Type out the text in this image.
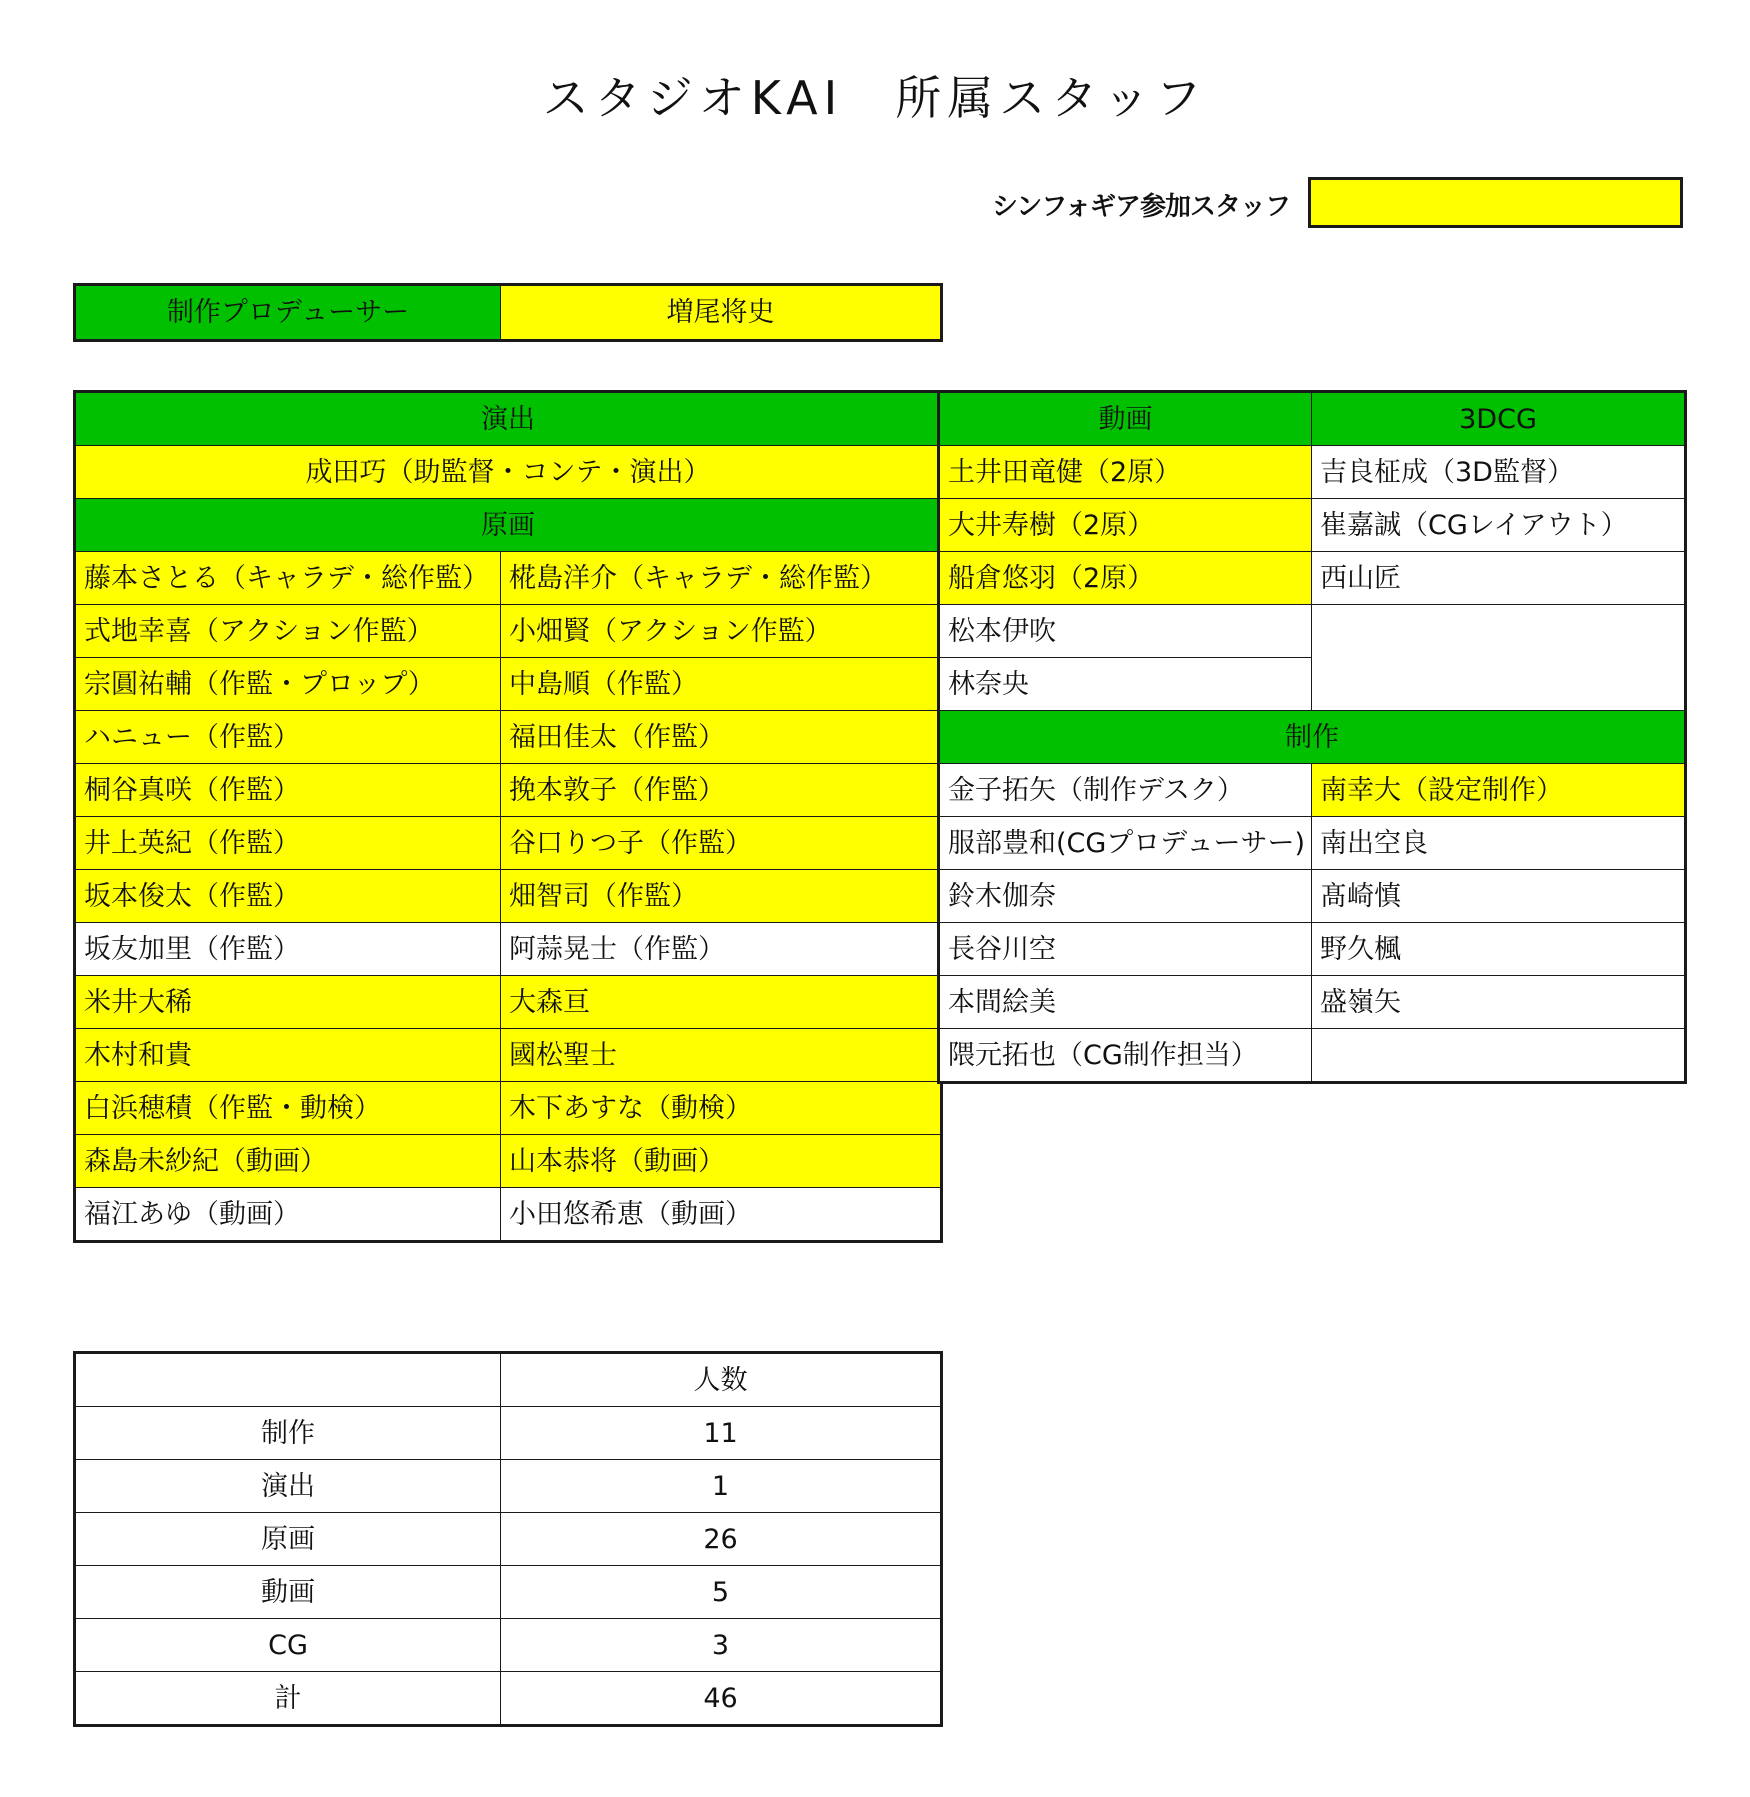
スタジオKAI　所属スタッフ
シンフォギア参加スタッフ
制作プロデューサー	増尾将史
演出	
成田巧（助監督・コンテ・演出）	
原画	
藤本さとる（キャラデ・総作監）	椛島洋介（キャラデ・総作監）
式地幸喜（アクション作監）	小畑賢（アクション作監）
宗圓祐輔（作監・プロップ）	中島順（作監）
ハニュー（作監）	福田佳太（作監）
桐谷真咲（作監）	挽本敦子（作監）
井上英紀（作監）	谷口りつ子（作監）
坂本俊太（作監）	畑智司（作監）
坂友加里（作監）	阿蒜晃士（作監）
米井大稀	大森亘
木村和貴	國松聖士
白浜穂積（作監・動検）	木下あすな（動検）
森島未紗紀（動画）	山本恭将（動画）
福江あゆ（動画）	小田悠希恵（動画）
動画	3DCG
土井田竜健（2原）	吉良柾成（3D監督）
大井寿樹（2原）	崔嘉誠（CGレイアウト）
船倉悠羽（2原）	西山匠
松本伊吹	
林奈央	
制作	
金子拓矢（制作デスク）	南幸大（設定制作）
服部豊和(CGプロデューサー)	南出空良
鈴木伽奈	髙崎慎
長谷川空	野久楓
本間絵美	盛嶺矢
隈元拓也（CG制作担当）	
	人数
制作	11
演出	1
原画	26
動画	5
CG	3
計	46
